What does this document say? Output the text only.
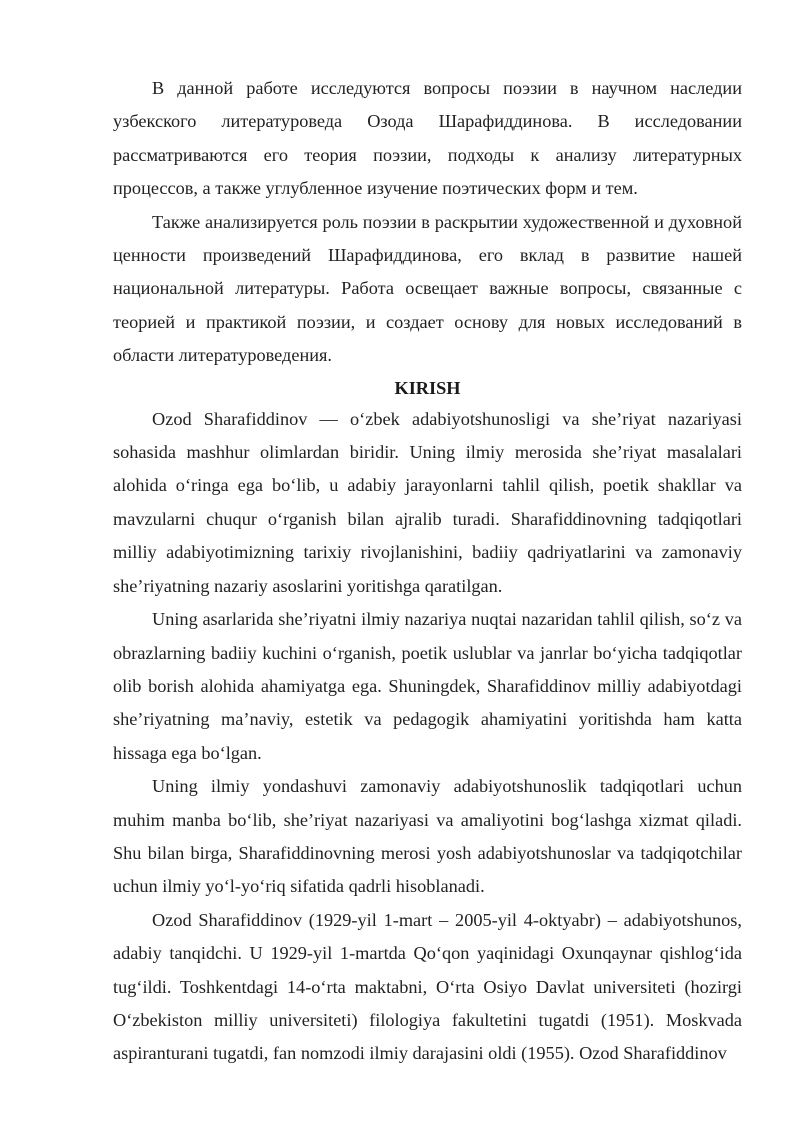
В данной работе исследуются вопросы поэзии в научном наследии узбекского литературоведа Озода Шарафиддинова. В исследовании рассматриваются его теория поэзии, подходы к анализу литературных процессов, а также углубленное изучение поэтических форм и тем.

Также анализируется роль поэзии в раскрытии художественной и духовной ценности произведений Шарафиддинова, его вклад в развитие нашей национальной литературы. Работа освещает важные вопросы, связанные с теорией и практикой поэзии, и создает основу для новых исследований в области литературоведения.

KIRISH

Ozod Sharafiddinov — o‘zbek adabiyotshunosligi va she’riyat nazariyasi sohasida mashhur olimlardan biridir. Uning ilmiy merosida she’riyat masalalari alohida o‘ringa ega bo‘lib, u adabiy jarayonlarni tahlil qilish, poetik shakllar va mavzularni chuqur o‘rganish bilan ajralib turadi. Sharafiddinovning tadqiqotlari milliy adabiyotimizning tarixiy rivojlanishini, badiiy qadriyatlarini va zamonaviy she’riyatning nazariy asoslarini yoritishga qaratilgan.

Uning asarlarida she’riyatni ilmiy nazariya nuqtai nazaridan tahlil qilish, so‘z va obrazlarning badiiy kuchini o‘rganish, poetik uslublar va janrlar bo‘yicha tadqiqotlar olib borish alohida ahamiyatga ega. Shuningdek, Sharafiddinov milliy adabiyotdagi she’riyatning ma’naviy, estetik va pedagogik ahamiyatini yoritishda ham katta hissaga ega bo‘lgan.

Uning ilmiy yondashuvi zamonaviy adabiyotshunoslik tadqiqotlari uchun muhim manba bo‘lib, she’riyat nazariyasi va amaliyotini bog‘lashga xizmat qiladi. Shu bilan birga, Sharafiddinovning merosi yosh adabiyotshunoslar va tadqiqotchilar uchun ilmiy yo‘l-yo‘riq sifatida qadrli hisoblanadi.

Ozod Sharafiddinov (1929-yil 1-mart – 2005-yil 4-oktyabr) – adabiyotshunos, adabiy tanqidchi. U 1929-yil 1-martda Qo‘qon yaqinidagi Oxunqaynar qishlog‘ida tug‘ildi. Toshkentdagi 14-o‘rta maktabni, O‘rta Osiyo Davlat universiteti (hozirgi O‘zbekiston milliy universiteti) filologiya fakultetini tugatdi (1951). Moskvada aspiranturani tugatdi, fan nomzodi ilmiy darajasini oldi (1955). Ozod Sharafiddinov
